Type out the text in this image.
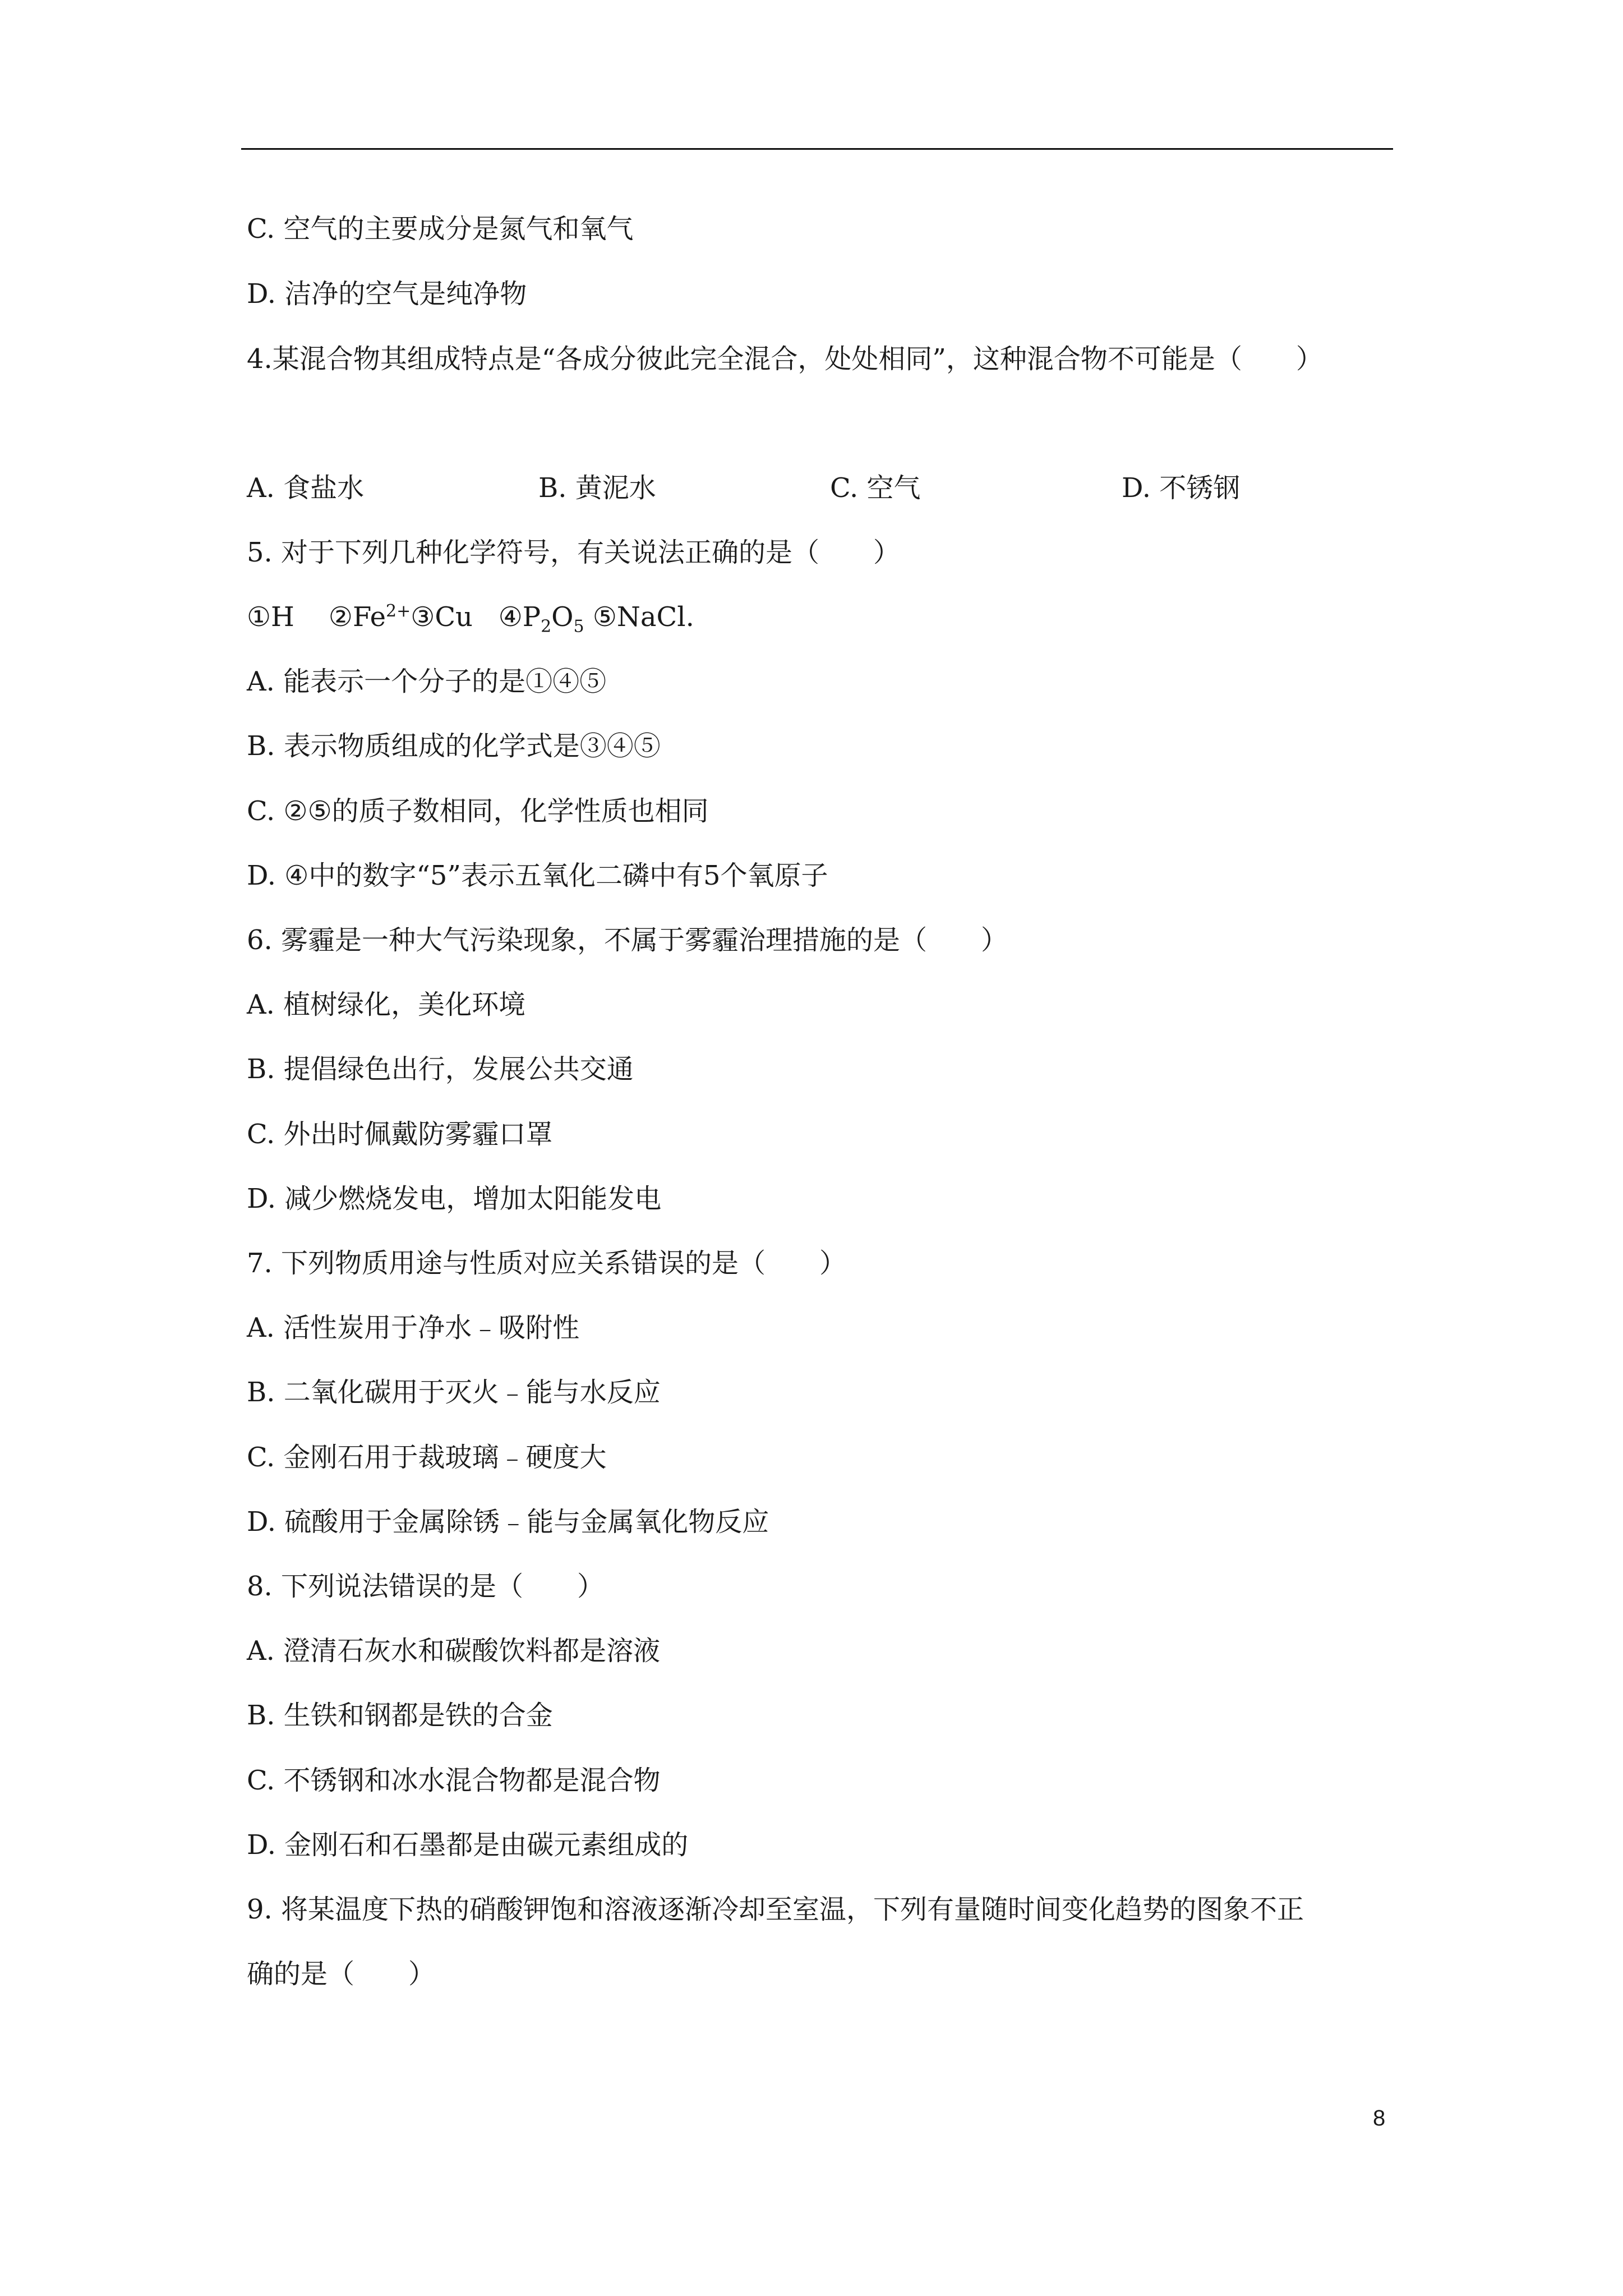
C. 空气的主要成分是氮气和氧气
D. 洁净的空气是纯净物
4.某混合物其组成特点是“各成分彼此完全混合，处处相同”，这种混合物不可能是（　　）
A. 食盐水	B. 黄泥水	C. 空气	D. 不锈钢
5. 对于下列几种化学符号，有关说法正确的是（　　）
①H $②Fe^{2+}③Cu$ $④P_2O_5$ ⑤NaCl.
A. 能表示一个分子的是①④⑤
B. 表示物质组成的化学式是③④⑤
C. ②⑤的质子数相同，化学性质也相同
D. ④中的数字“5”表示五氧化二磷中有5个氧原子
6. 雾霾是一种大气污染现象，不属于雾霾治理措施的是（　　）
A. 植树绿化，美化环境
B. 提倡绿色出行，发展公共交通
C. 外出时佩戴防雾霾口罩
D. 减少燃烧发电，增加太阳能发电
7. 下列物质用途与性质对应关系错误的是（　　）
A. 活性炭用于净水﹣吸附性
B. 二氧化碳用于灭火﹣能与水反应
C. 金刚石用于裁玻璃﹣硬度大
D. 硫酸用于金属除锈﹣能与金属氧化物反应
8. 下列说法错误的是（　　）
A. 澄清石灰水和碳酸饮料都是溶液
B. 生铁和钢都是铁的合金
C. 不锈钢和冰水混合物都是混合物
D. 金刚石和石墨都是由碳元素组成的
9. 将某温度下热的硝酸钾饱和溶液逐渐冷却至室温，下列有量随时间变化趋势的图象不正
确的是（　　）
8
